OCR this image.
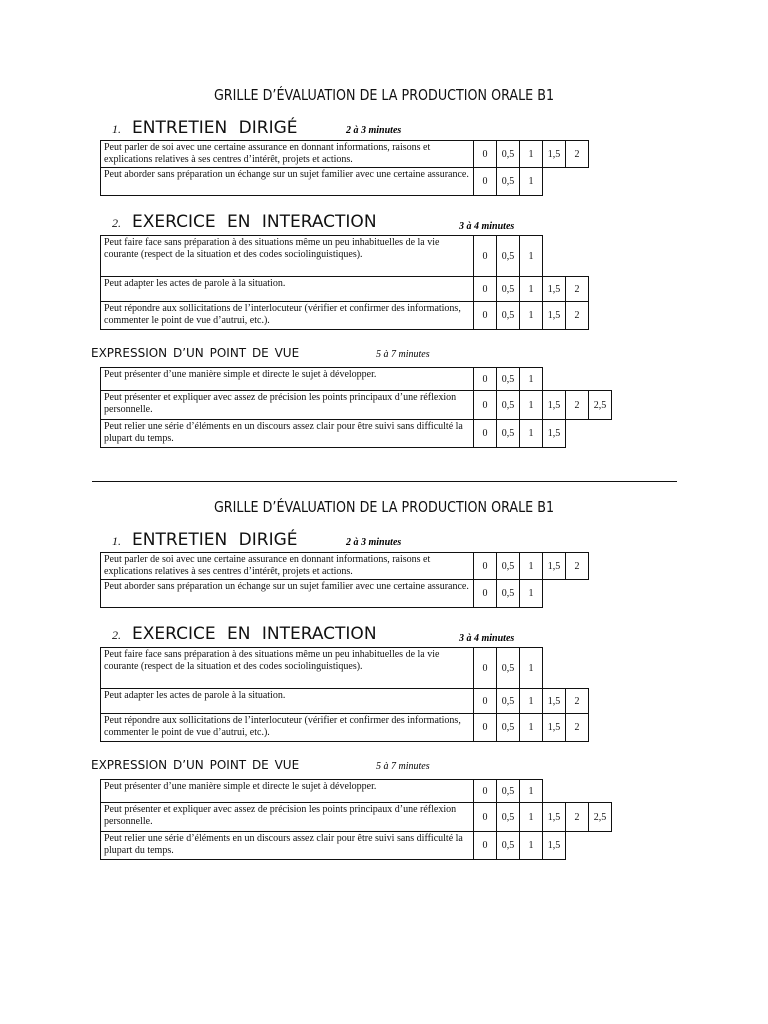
GRILLE D’ÉVALUATION DE LA PRODUCTION ORALE B1
1. ENTRETIEN DIRIGÉ	2 à 3 minutes
Peut parler de soi avec une certaine assurance en donnant informations, raisons et explications relatives à ses centres d’intérêt, projets et actions.	0	0,5	1	1,5	2	
Peut aborder sans préparation un échange sur un sujet familier avec une certaine assurance.	0	0,5	1			
2. EXERCICE EN INTERACTION	3 à 4 minutes
Peut faire face sans préparation à des situations même un peu inhabituelles de la vie courante (respect de la situation et des codes sociolinguistiques).	0	0,5	1			
Peut adapter les actes de parole à la situation.	0	0,5	1	1,5	2	
Peut répondre aux sollicitations de l’interlocuteur (vérifier et confirmer des informations, commenter le point de vue d’autrui, etc.).	0	0,5	1	1,5	2	
EXPRESSION D’UN POINT DE VUE	5 à 7 minutes
Peut présenter d’une manière simple et directe le sujet à développer.	0	0,5	1			
Peut présenter et expliquer avec assez de précision les points principaux d’une réflexion personnelle.	0	0,5	1	1,5	2	2,5
Peut relier une série d’éléments en un discours assez clair pour être suivi sans difficulté la plupart du temps.	0	0,5	1	1,5		
GRILLE D’ÉVALUATION DE LA PRODUCTION ORALE B1
1. ENTRETIEN DIRIGÉ	2 à 3 minutes
Peut parler de soi avec une certaine assurance en donnant informations, raisons et explications relatives à ses centres d’intérêt, projets et actions.	0	0,5	1	1,5	2	
Peut aborder sans préparation un échange sur un sujet familier avec une certaine assurance.	0	0,5	1			
2. EXERCICE EN INTERACTION	3 à 4 minutes
Peut faire face sans préparation à des situations même un peu inhabituelles de la vie courante (respect de la situation et des codes sociolinguistiques).	0	0,5	1			
Peut adapter les actes de parole à la situation.	0	0,5	1	1,5	2	
Peut répondre aux sollicitations de l’interlocuteur (vérifier et confirmer des informations, commenter le point de vue d’autrui, etc.).	0	0,5	1	1,5	2	
EXPRESSION D’UN POINT DE VUE	5 à 7 minutes
Peut présenter d’une manière simple et directe le sujet à développer.	0	0,5	1			
Peut présenter et expliquer avec assez de précision les points principaux d’une réflexion personnelle.	0	0,5	1	1,5	2	2,5
Peut relier une série d’éléments en un discours assez clair pour être suivi sans difficulté la plupart du temps.	0	0,5	1	1,5		
